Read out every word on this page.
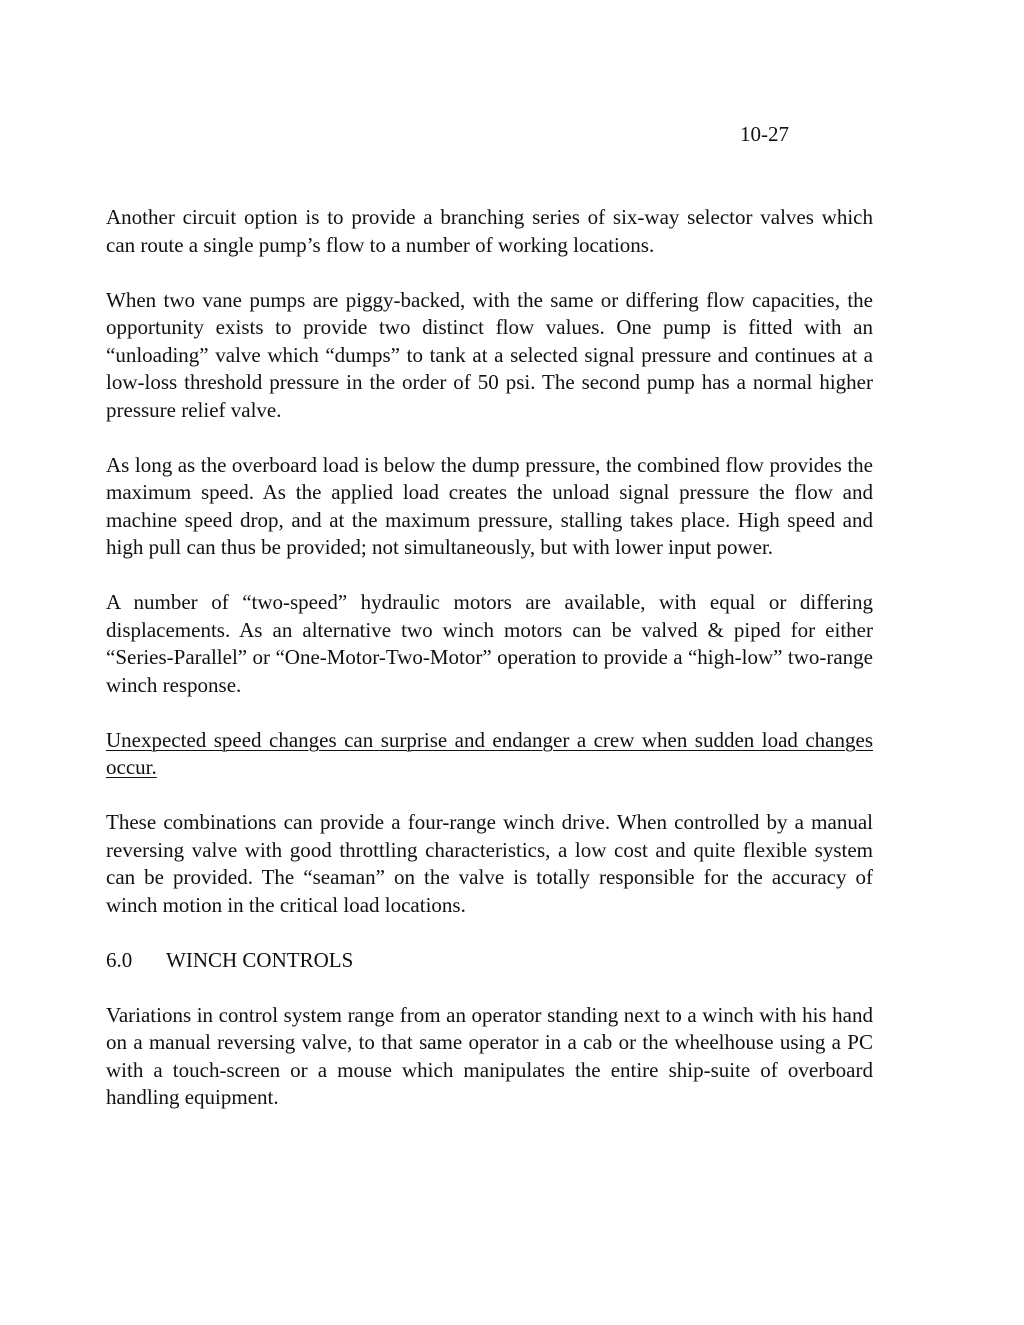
10-27

Another circuit option is to provide a branching series of six-way selector valves which can route a single pump’s flow to a number of working locations.

When two vane pumps are piggy-backed, with the same or differing flow capacities, the opportunity exists to provide two distinct flow values. One pump is fitted with an “unloading” valve which “dumps” to tank at a selected signal pressure and continues at a low-loss threshold pressure in the order of 50 psi. The second pump has a normal higher pressure relief valve.

As long as the overboard load is below the dump pressure, the combined flow provides the maximum speed. As the applied load creates the unload signal pressure the flow and machine speed drop, and at the maximum pressure, stalling takes place. High speed and high pull can thus be provided; not simultaneously, but with lower input power.

A number of “two-speed” hydraulic motors are available, with equal or differing displacements. As an alternative two winch motors can be valved & piped for either “Series-Parallel” or “One-Motor-Two-Motor” operation to provide a “high-low” two-range winch response.

Unexpected speed changes can surprise and endanger a crew when sudden load changes occur.

These combinations can provide a four-range winch drive. When controlled by a manual reversing valve with good throttling characteristics, a low cost and quite flexible system can be provided. The “seaman” on the valve is totally responsible for the accuracy of winch motion in the critical load locations.

6.0 WINCH CONTROLS

Variations in control system range from an operator standing next to a winch with his hand on a manual reversing valve, to that same operator in a cab or the wheelhouse using a PC with a touch-screen or a mouse which manipulates the entire ship-suite of overboard handling equipment.
